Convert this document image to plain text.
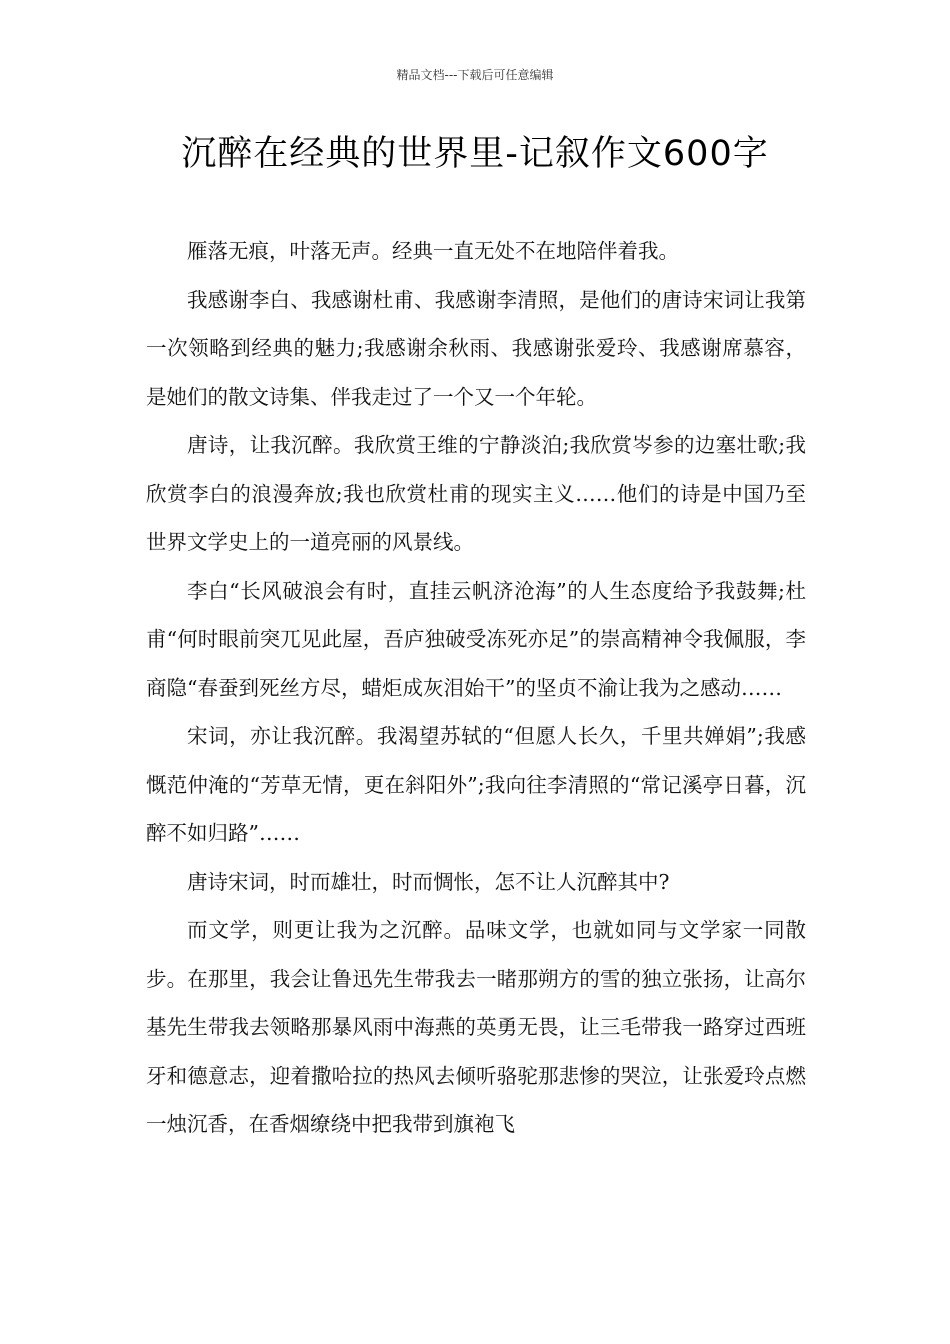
精品文档---下载后可任意编辑
沉醉在经典的世界里-记叙作文600字

雁落无痕，叶落无声。经典一直无处不在地陪伴着我。

我感谢李白、我感谢杜甫、我感谢李清照，是他们的唐诗宋词让我第一次领略到经典的魅力;我感谢余秋雨、我感谢张爱玲、我感谢席慕容，是她们的散文诗集、伴我走过了一个又一个年轮。

唐诗，让我沉醉。我欣赏王维的宁静淡泊;我欣赏岑参的边塞壮歌;我欣赏李白的浪漫奔放;我也欣赏杜甫的现实主义……他们的诗是中国乃至世界文学史上的一道亮丽的风景线。

李白“长风破浪会有时，直挂云帆济沧海”的人生态度给予我鼓舞;杜甫“何时眼前突兀见此屋，吾庐独破受冻死亦足”的崇高精神令我佩服，李商隐“春蚕到死丝方尽，蜡炬成灰泪始干”的坚贞不渝让我为之感动……

宋词，亦让我沉醉。我渴望苏轼的“但愿人长久，千里共婵娟”;我感慨范仲淹的“芳草无情，更在斜阳外”;我向往李清照的“常记溪亭日暮，沉醉不如归路”……

唐诗宋词，时而雄壮，时而惆怅，怎不让人沉醉其中?

而文学，则更让我为之沉醉。品味文学，也就如同与文学家一同散步。在那里，我会让鲁迅先生带我去一睹那朔方的雪的独立张扬，让高尔基先生带我去领略那暴风雨中海燕的英勇无畏，让三毛带我一路穿过西班牙和德意志，迎着撒哈拉的热风去倾听骆驼那悲惨的哭泣，让张爱玲点燃一烛沉香，在香烟缭绕中把我带到旗袍飞
